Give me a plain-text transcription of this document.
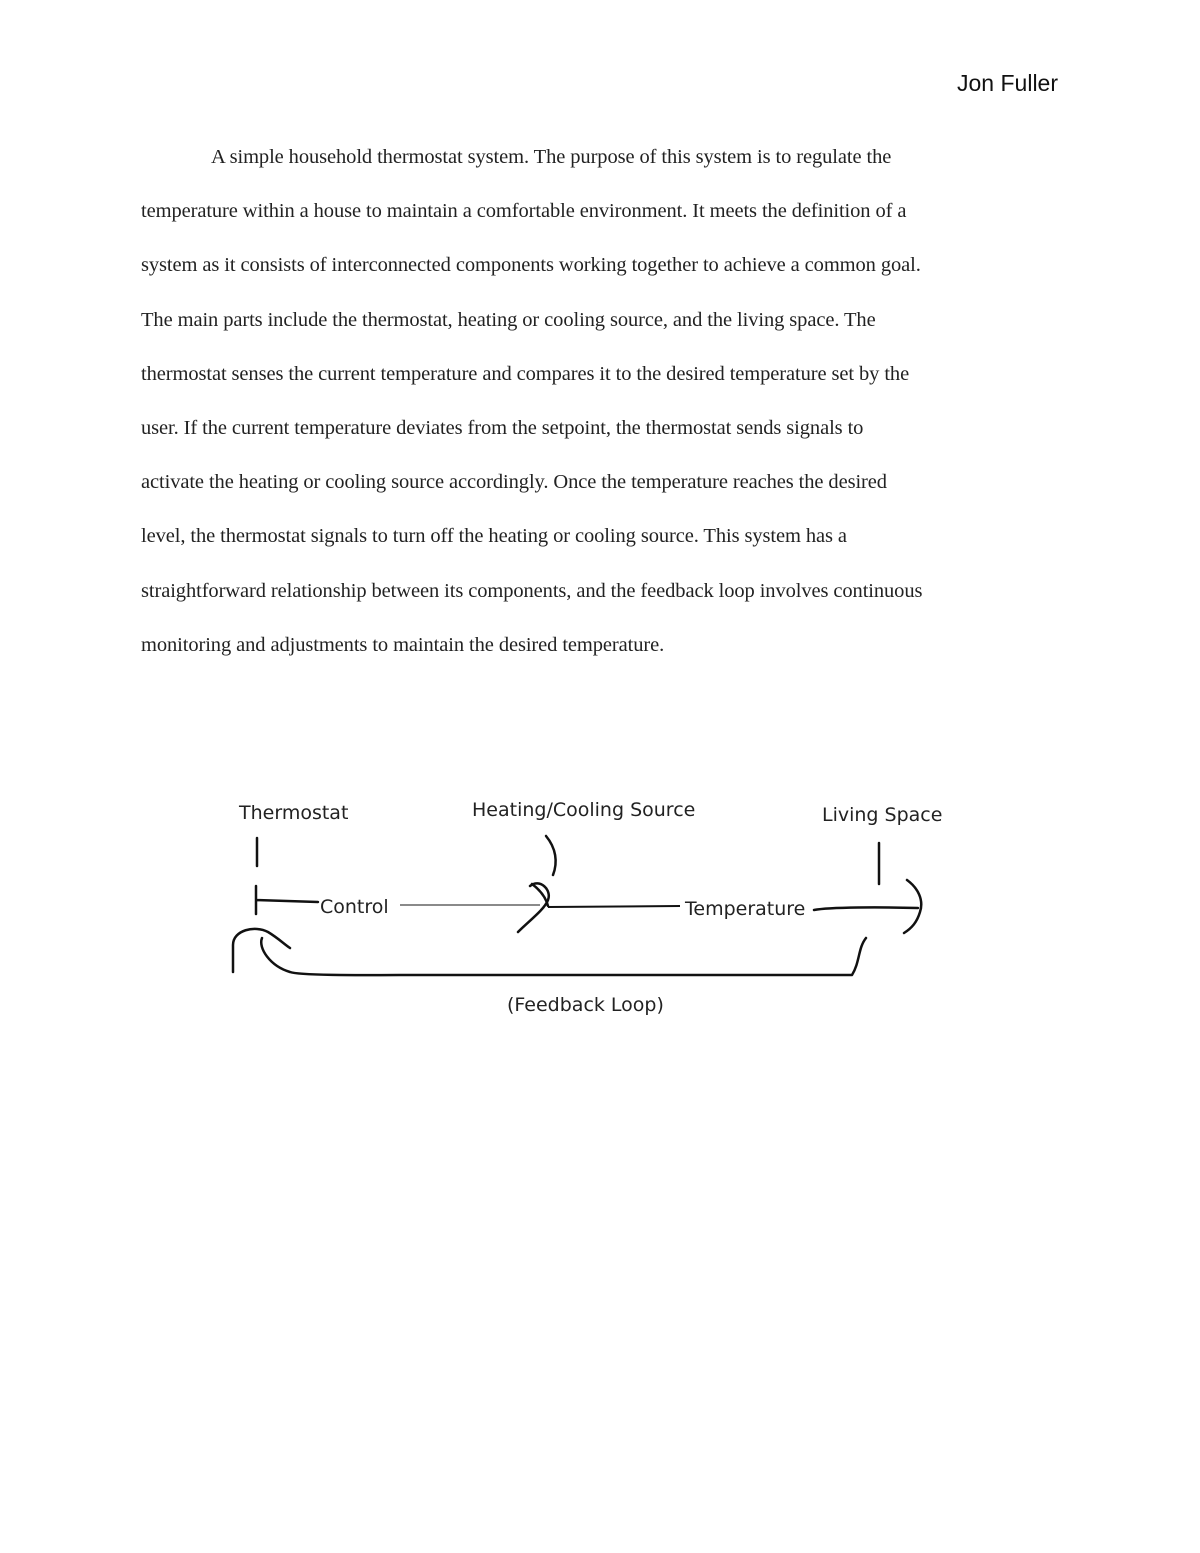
Jon Fuller

A simple household thermostat system. The purpose of this system is to regulate the
temperature within a house to maintain a comfortable environment. It meets the definition of a
system as it consists of interconnected components working together to achieve a common goal.
The main parts include the thermostat, heating or cooling source, and the living space. The
thermostat senses the current temperature and compares it to the desired temperature set by the
user. If the current temperature deviates from the setpoint, the thermostat sends signals to
activate the heating or cooling source accordingly. Once the temperature reaches the desired
level, the thermostat signals to turn off the heating or cooling source. This system has a
straightforward relationship between its components, and the feedback loop involves continuous
monitoring and adjustments to maintain the desired temperature.

Thermostat	Heating/Cooling Source	Living Space
Control	Temperature
(Feedback Loop)
